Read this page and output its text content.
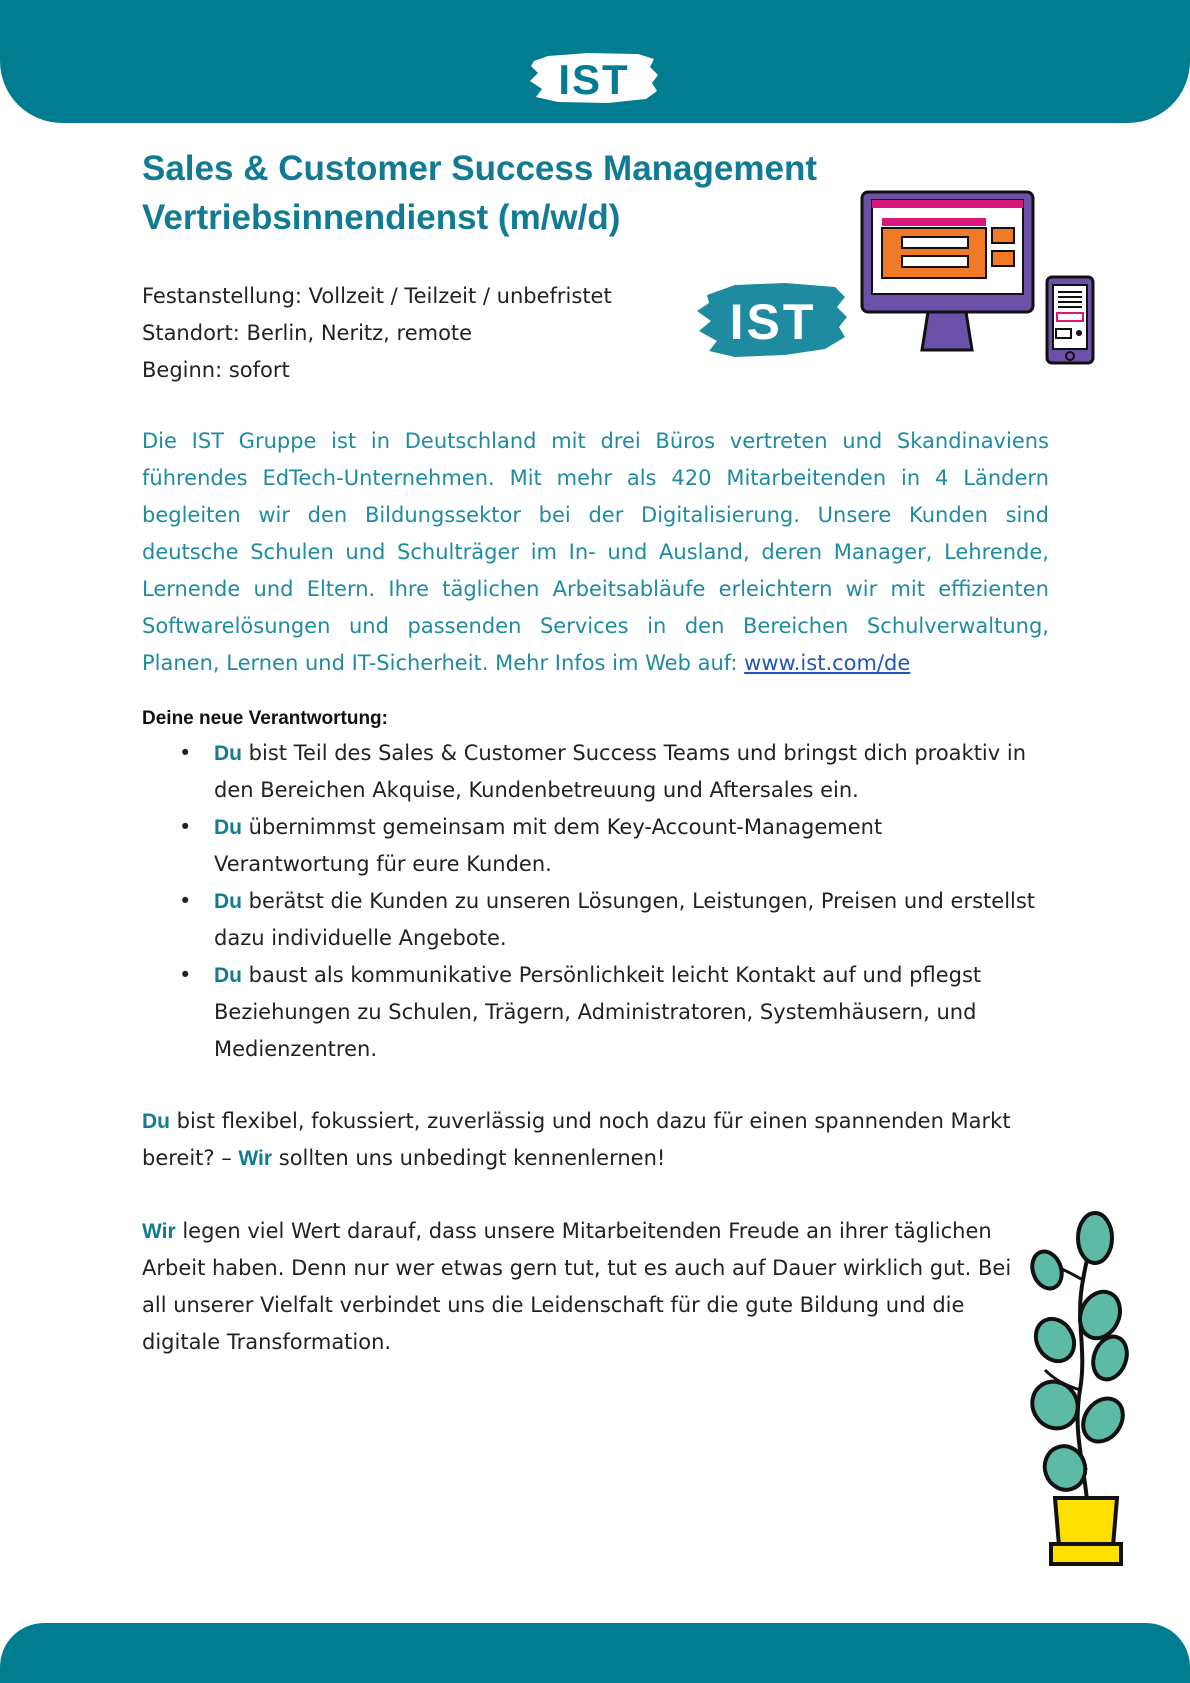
IST
Sales & Customer Success Management
Vertriebsinnendienst (m/w/d)
Festanstellung: Vollzeit / Teilzeit / unbefristet
Standort: Berlin, Neritz, remote
Beginn: sofort
IST
Die IST Gruppe ist in Deutschland mit drei Büros vertreten und Skandinaviens führendes EdTech-Unternehmen. Mit mehr als 420 Mitarbeitenden in 4 Ländern begleiten wir den Bildungssektor bei der Digitalisierung. Unsere Kunden sind deutsche Schulen und Schulträger im In- und Ausland, deren Manager, Lehrende, Lernende und Eltern. Ihre täglichen Arbeitsabläufe erleichtern wir mit effizienten Softwarelösungen und passenden Services in den Bereichen Schulverwaltung, Planen, Lernen und IT-Sicherheit. Mehr Infos im Web auf: www.ist.com/de
Deine neue Verantwortung:
• Du bist Teil des Sales & Customer Success Teams und bringst dich proaktiv in den Bereichen Akquise, Kundenbetreuung und Aftersales ein.
• Du übernimmst gemeinsam mit dem Key-Account-Management Verantwortung für eure Kunden.
• Du berätst die Kunden zu unseren Lösungen, Leistungen, Preisen und erstellst dazu individuelle Angebote.
• Du baust als kommunikative Persönlichkeit leicht Kontakt auf und pflegst Beziehungen zu Schulen, Trägern, Administratoren, Systemhäusern, und Medienzentren.
Du bist flexibel, fokussiert, zuverlässig und noch dazu für einen spannenden Markt bereit? – Wir sollten uns unbedingt kennenlernen!
Wir legen viel Wert darauf, dass unsere Mitarbeitenden Freude an ihrer täglichen Arbeit haben. Denn nur wer etwas gern tut, tut es auch auf Dauer wirklich gut. Bei all unserer Vielfalt verbindet uns die Leidenschaft für die gute Bildung und die digitale Transformation.
